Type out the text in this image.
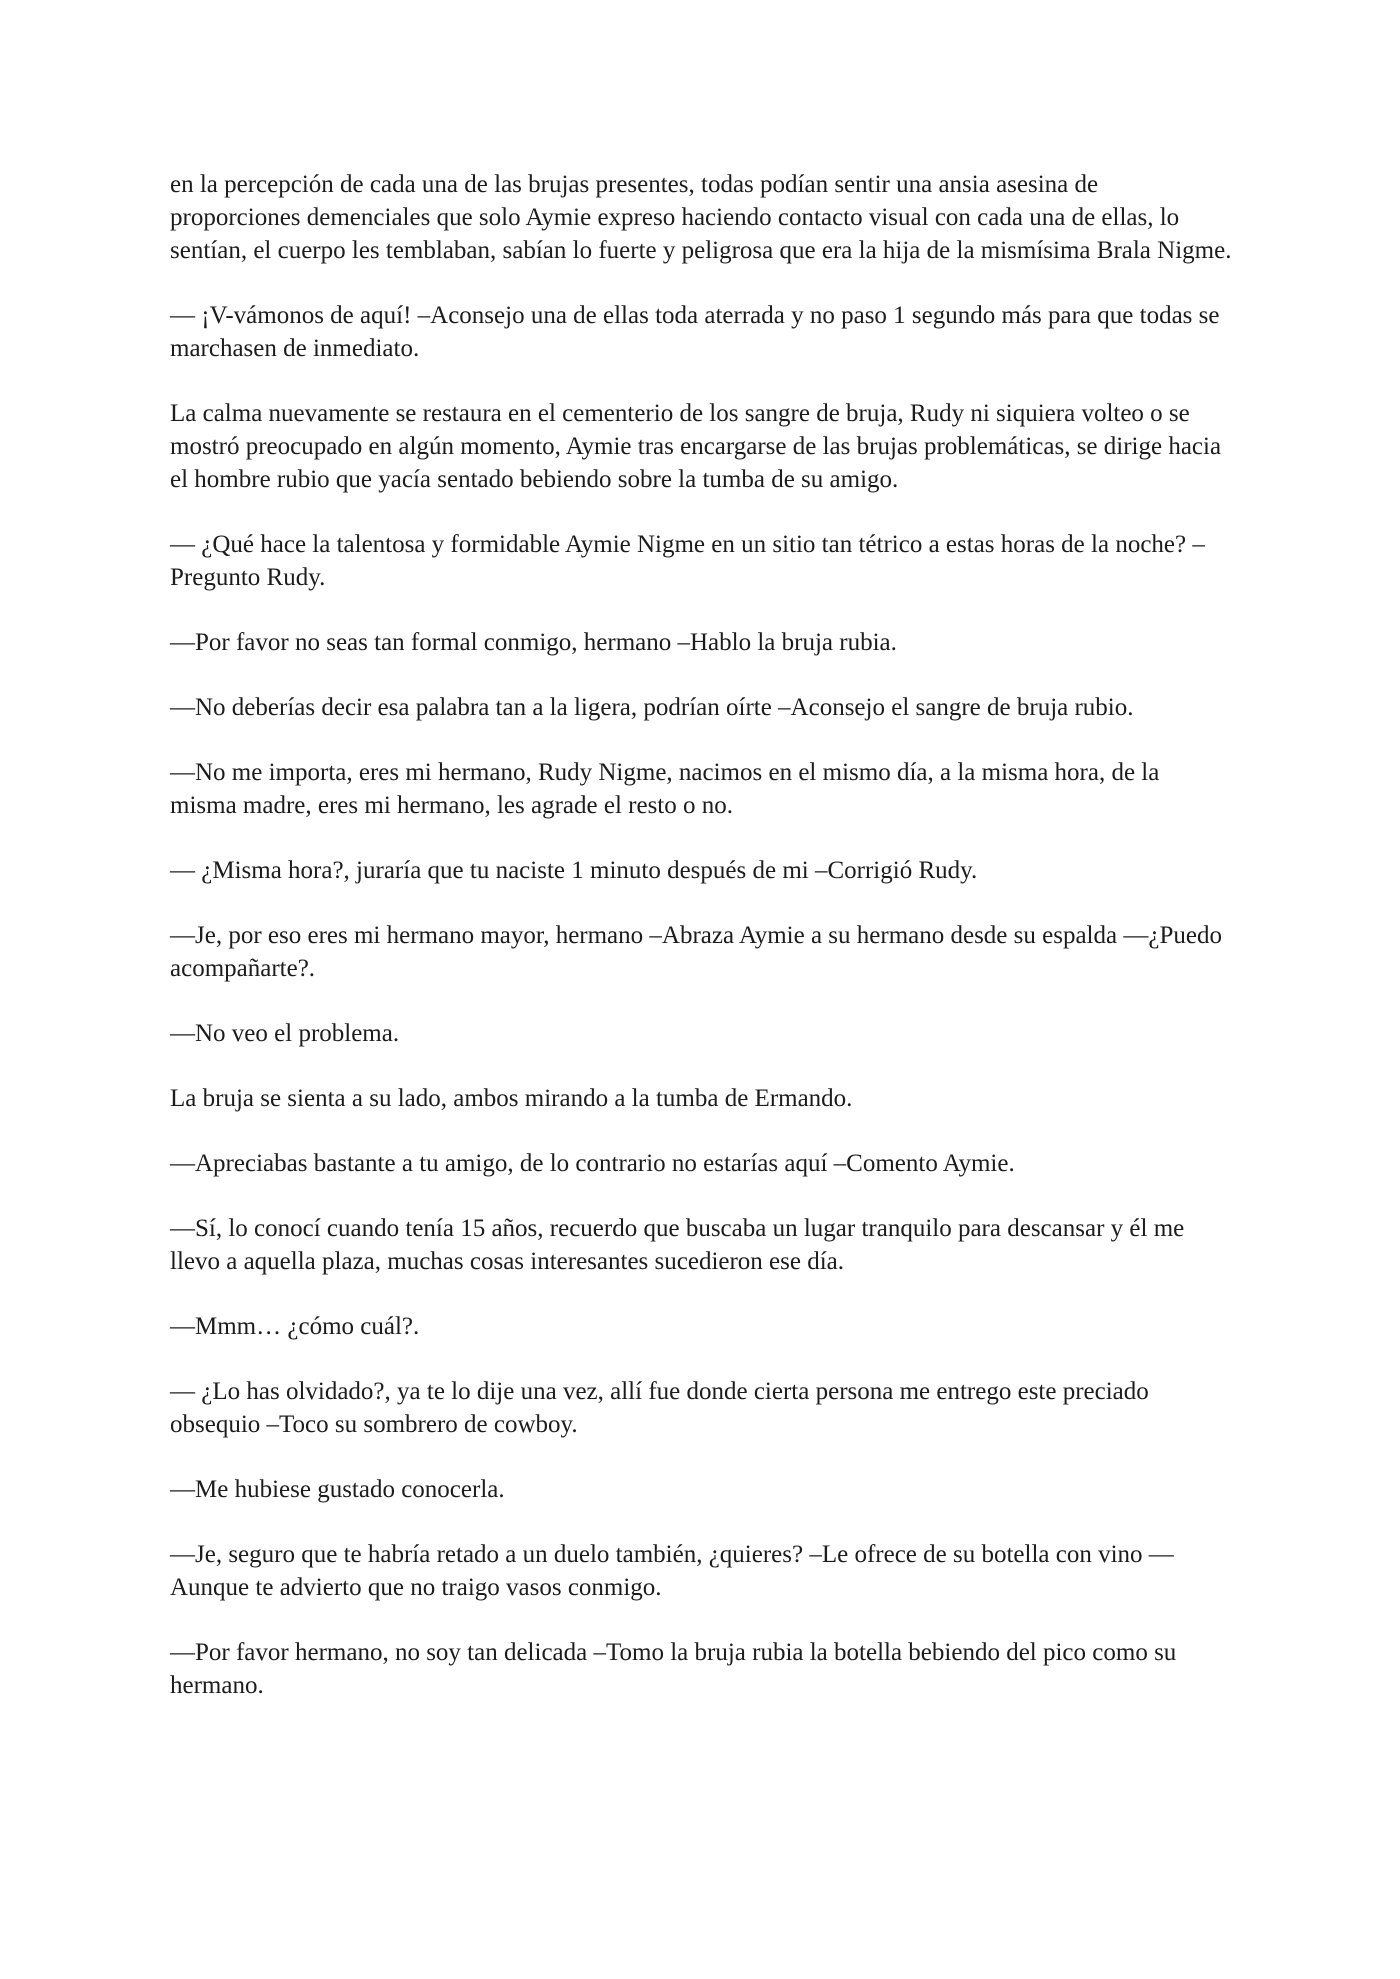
en la percepción de cada una de las brujas presentes, todas podían sentir una ansia asesina de proporciones demenciales que solo Aymie expreso haciendo contacto visual con cada una de ellas, lo sentían, el cuerpo les temblaban, sabían lo fuerte y peligrosa que era la hija de la mismísima Brala Nigme.

— ¡V-vámonos de aquí! –Aconsejo una de ellas toda aterrada y no paso 1 segundo más para que todas se marchasen de inmediato.

La calma nuevamente se restaura en el cementerio de los sangre de bruja, Rudy ni siquiera volteo o se mostró preocupado en algún momento, Aymie tras encargarse de las brujas problemáticas, se dirige hacia el hombre rubio que yacía sentado bebiendo sobre la tumba de su amigo.

— ¿Qué hace la talentosa y formidable Aymie Nigme en un sitio tan tétrico a estas horas de la noche? –Pregunto Rudy.

—Por favor no seas tan formal conmigo, hermano –Hablo la bruja rubia.

—No deberías decir esa palabra tan a la ligera, podrían oírte –Aconsejo el sangre de bruja rubio.

—No me importa, eres mi hermano, Rudy Nigme, nacimos en el mismo día, a la misma hora, de la misma madre, eres mi hermano, les agrade el resto o no.

— ¿Misma hora?, juraría que tu naciste 1 minuto después de mi –Corrigió Rudy.

—Je, por eso eres mi hermano mayor, hermano –Abraza Aymie a su hermano desde su espalda —¿Puedo acompañarte?.

—No veo el problema.

La bruja se sienta a su lado, ambos mirando a la tumba de Ermando.

—Apreciabas bastante a tu amigo, de lo contrario no estarías aquí –Comento Aymie.

—Sí, lo conocí cuando tenía 15 años, recuerdo que buscaba un lugar tranquilo para descansar y él me llevo a aquella plaza, muchas cosas interesantes sucedieron ese día.

—Mmm… ¿cómo cuál?.

— ¿Lo has olvidado?, ya te lo dije una vez, allí fue donde cierta persona me entrego este preciado obsequio –Toco su sombrero de cowboy.

—Me hubiese gustado conocerla.

—Je, seguro que te habría retado a un duelo también, ¿quieres? –Le ofrece de su botella con vino —Aunque te advierto que no traigo vasos conmigo.

—Por favor hermano, no soy tan delicada –Tomo la bruja rubia la botella bebiendo del pico como su hermano.
